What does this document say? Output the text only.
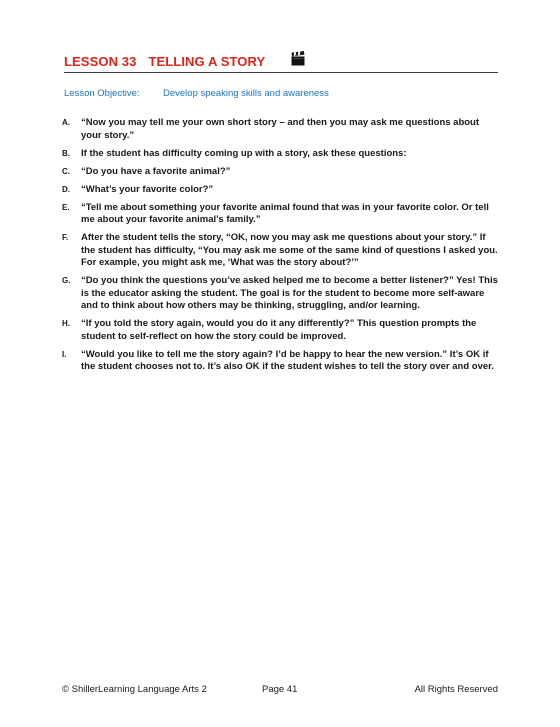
LESSON 33 TELLING A STORY
Lesson Objective:	Develop speaking skills and awareness
A.	“Now you may tell me your own short story – and then you may ask me questions about your story.”
B.	If the student has difficulty coming up with a story, ask these questions:
C.	“Do you have a favorite animal?”
D.	“What’s your favorite color?”
E.	“Tell me about something your favorite animal found that was in your favorite color. Or tell me about your favorite animal’s family.”
F.	After the student tells the story, “OK, now you may ask me questions about your story.” If the student has difficulty, “You may ask me some of the same kind of questions I asked you. For example, you might ask me, ‘What was the story about?’”
G.	“Do you think the questions you’ve asked helped me to become a better listener?” Yes! This is the educator asking the student. The goal is for the student to become more self-aware and to think about how others may be thinking, struggling, and/or learning.
H.	“If you told the story again, would you do it any differently?” This question prompts the student to self-reflect on how the story could be improved.
I.	“Would you like to tell me the story again? I’d be happy to hear the new version.” It’s OK if the student chooses not to. It’s also OK if the student wishes to tell the story over and over.
© ShillerLearning Language Arts 2	Page 41	All Rights Reserved
